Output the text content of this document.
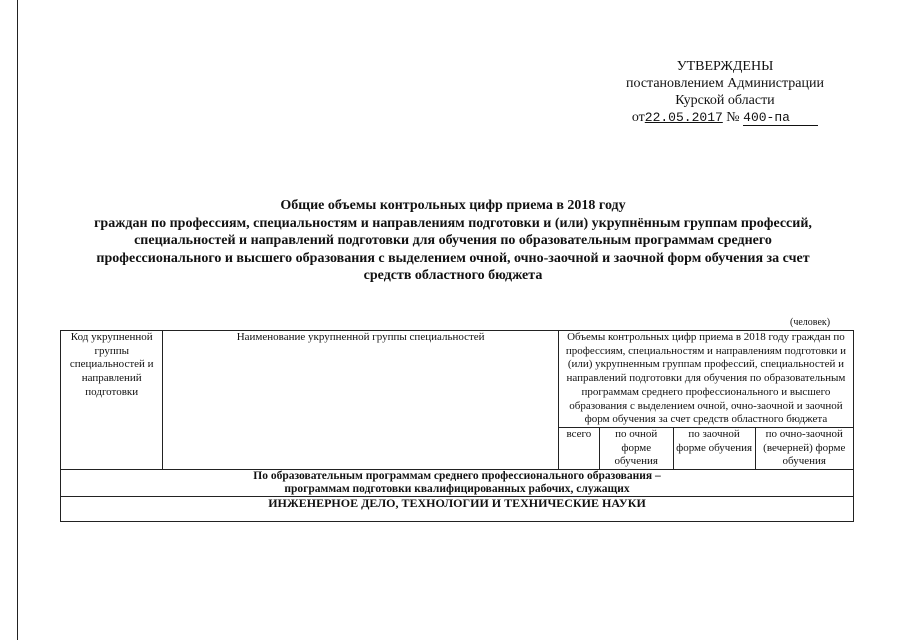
УТВЕРЖДЕНЫ
постановлением Администрации
Курской области
от22.05.2017 № 400-па
Общие объемы контрольных цифр приема в 2018 году
граждан по профессиям, специальностям и направлениям подготовки и (или) укрупнённым группам профессий,
специальностей и направлений подготовки для обучения по образовательным программам среднего
профессионального и высшего образования с выделением очной, очно-заочной и заочной форм обучения за счет
средств областного бюджета
(человек)
Код укрупненной группы специальностей и направлений подготовки	Наименование укрупненной группы специальностей	Объемы контрольных цифр приема в 2018 году граждан по профессиям, специальностям и направлениям подготовки и (или) укрупненным группам профессий, специальностей и направлений подготовки для обучения по образовательным программам среднего профессионального и высшего образования с выделением очной, очно-заочной и заочной форм обучения за счет средств областного бюджета			
		всего	по очной форме обучения	по заочной форме обучения	по очно-заочной (вечерней) форме обучения

По образовательным программам среднего профессионального образования –
программам подготовки квалифицированных рабочих, служащих					

ИНЖЕНЕРНОЕ ДЕЛО, ТЕХНОЛОГИИ И ТЕХНИЧЕСКИЕ НАУКИ					
